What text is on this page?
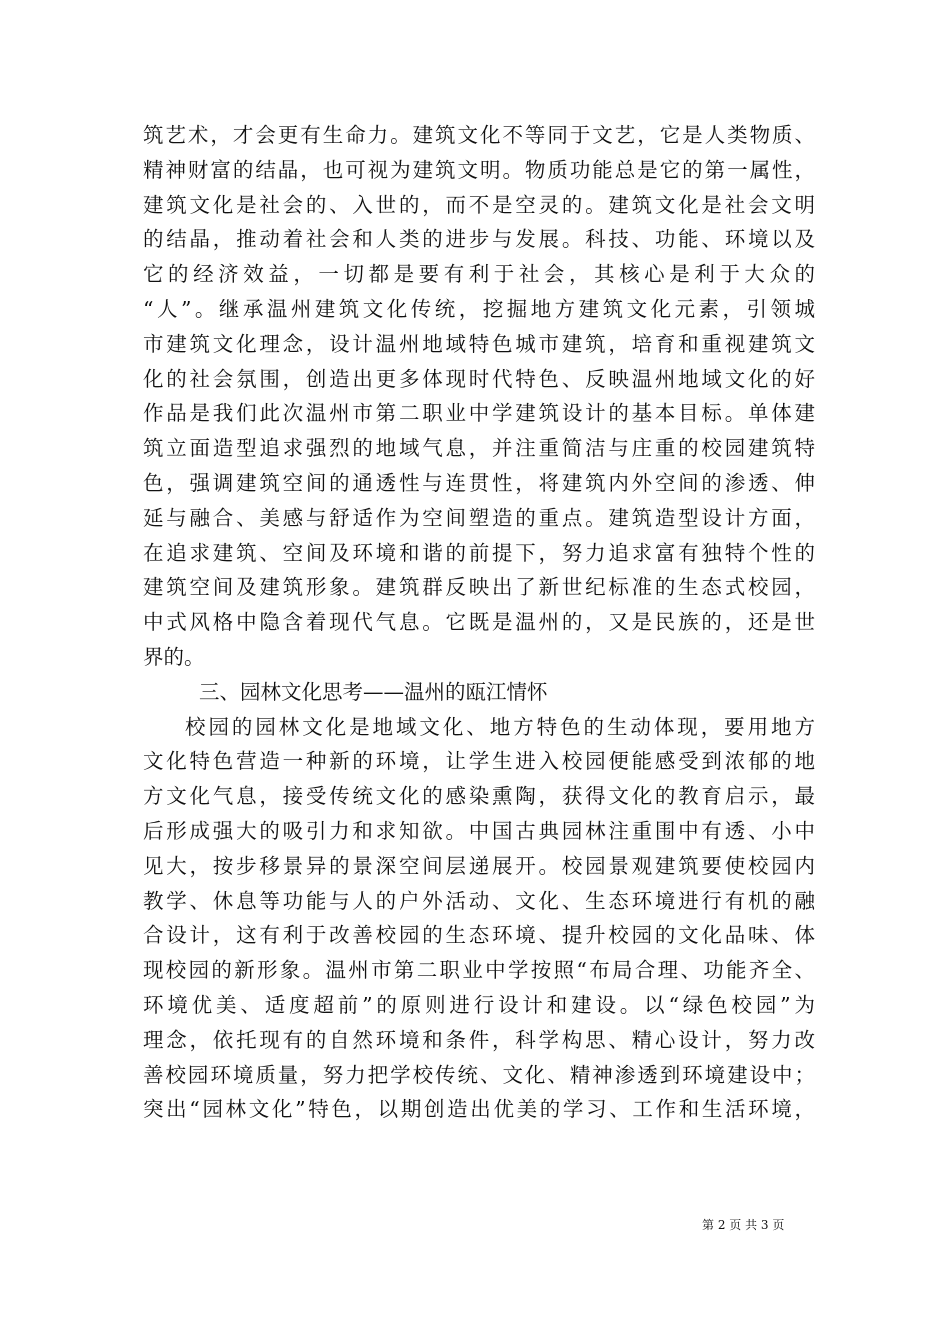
筑艺术，才会更有生命力。建筑文化不等同于文艺，它是人类物质、
精神财富的结晶，也可视为建筑文明。物质功能总是它的第一属性，
建筑文化是社会的、入世的，而不是空灵的。建筑文化是社会文明
的结晶，推动着社会和人类的进步与发展。科技、功能、环境以及
它的经济效益，一切都是要有利于社会，其核心是利于大众的
“人”。继承温州建筑文化传统，挖掘地方建筑文化元素，引领城
市建筑文化理念，设计温州地域特色城市建筑，培育和重视建筑文
化的社会氛围，创造出更多体现时代特色、反映温州地域文化的好
作品是我们此次温州市第二职业中学建筑设计的基本目标。单体建
筑立面造型追求强烈的地域气息，并注重简洁与庄重的校园建筑特
色，强调建筑空间的通透性与连贯性，将建筑内外空间的渗透、伸
延与融合、美感与舒适作为空间塑造的重点。建筑造型设计方面，
在追求建筑、空间及环境和谐的前提下，努力追求富有独特个性的
建筑空间及建筑形象。建筑群反映出了新世纪标准的生态式校园，
中式风格中隐含着现代气息。它既是温州的，又是民族的，还是世
界的。
三、园林文化思考——温州的瓯江情怀
校园的园林文化是地域文化、地方特色的生动体现，要用地方
文化特色营造一种新的环境，让学生进入校园便能感受到浓郁的地
方文化气息，接受传统文化的感染熏陶，获得文化的教育启示，最
后形成强大的吸引力和求知欲。中国古典园林注重围中有透、小中
见大，按步移景异的景深空间层递展开。校园景观建筑要使校园内
教学、休息等功能与人的户外活动、文化、生态环境进行有机的融
合设计，这有利于改善校园的生态环境、提升校园的文化品味、体
现校园的新形象。温州市第二职业中学按照“布局合理、功能齐全、
环境优美、适度超前”的原则进行设计和建设。以“绿色校园”为
理念，依托现有的自然环境和条件，科学构思、精心设计，努力改
善校园环境质量，努力把学校传统、文化、精神渗透到环境建设中；
突出“园林文化”特色，以期创造出优美的学习、工作和生活环境，
第 2 页 共 3 页
